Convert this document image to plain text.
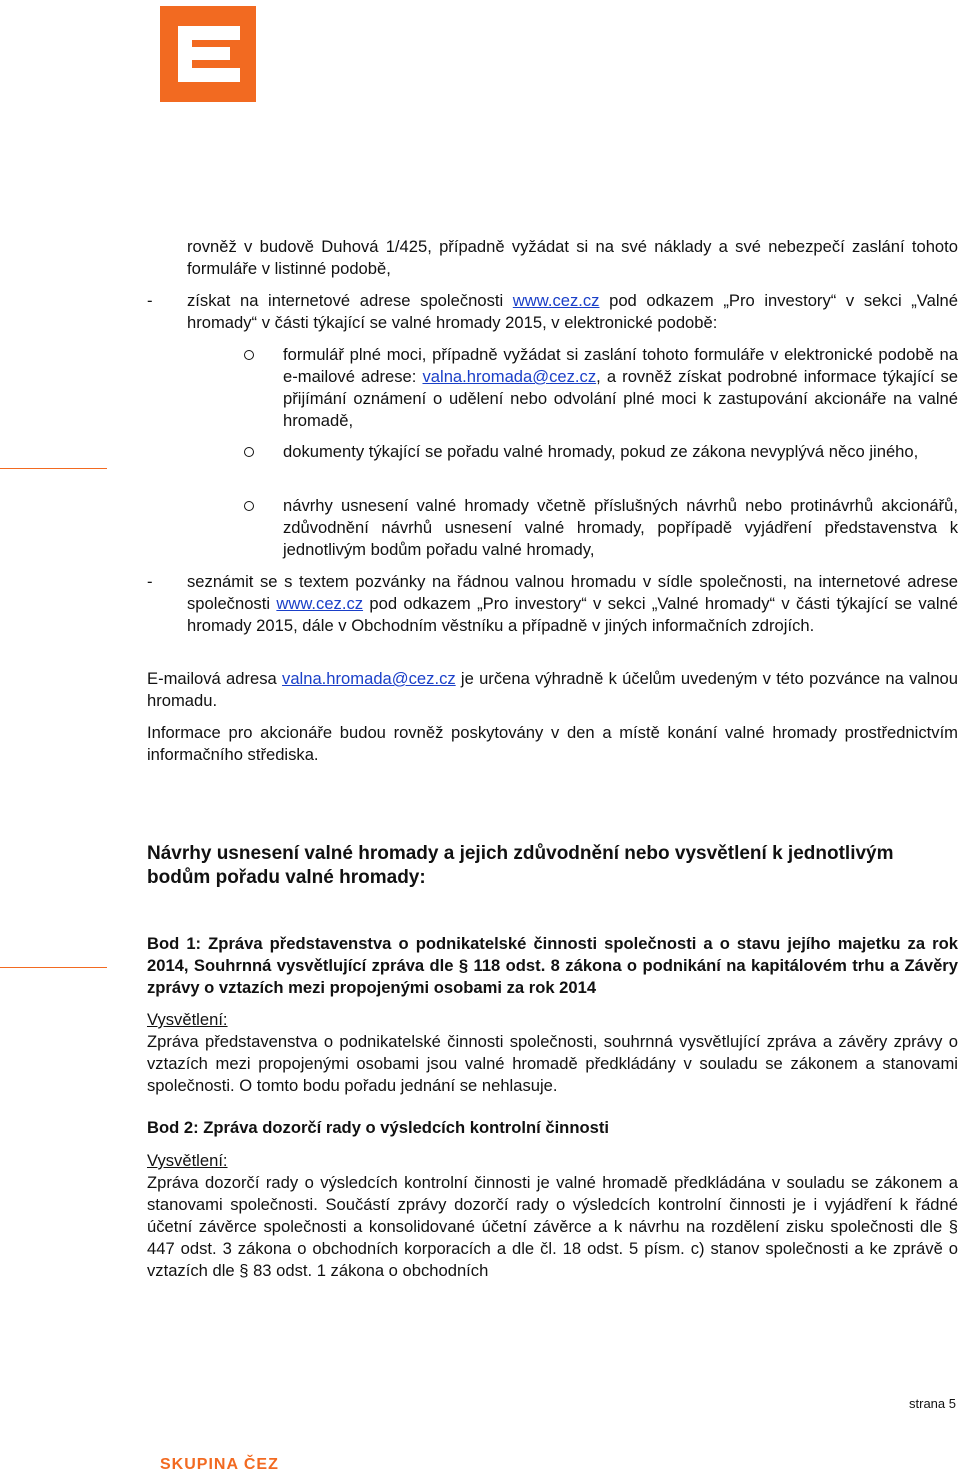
rovněž v budově Duhová 1/425, případně vyžádat si na své náklady a své nebezpečí zaslání tohoto formuláře v listinné podobě,
- získat na internetové adrese společnosti www.cez.cz pod odkazem „Pro investory“ v sekci „Valné hromady“ v části týkající se valné hromady 2015, v elektronické podobě:
formulář plné moci, případně vyžádat si zaslání tohoto formuláře v elektronické podobě na e-mailové adrese: valna.hromada@cez.cz, a rovněž získat podrobné informace týkající se přijímání oznámení o udělení nebo odvolání plné moci k zastupování akcionáře na valné hromadě,
dokumenty týkající se pořadu valné hromady, pokud ze zákona nevyplývá něco jiného,
návrhy usnesení valné hromady včetně příslušných návrhů nebo protinávrhů akcionářů, zdůvodnění návrhů usnesení valné hromady, popřípadě vyjádření představenstva k jednotlivým bodům pořadu valné hromady,
- seznámit se s textem pozvánky na řádnou valnou hromadu v sídle společnosti, na internetové adrese společnosti www.cez.cz pod odkazem „Pro investory“ v sekci „Valné hromady“ v části týkající se valné hromady 2015, dále v Obchodním věstníku a případně v jiných informačních zdrojích.
E-mailová adresa valna.hromada@cez.cz je určena výhradně k účelům uvedeným v této pozvánce na valnou hromadu.
Informace pro akcionáře budou rovněž poskytovány v den a místě konání valné hromady prostřednictvím informačního střediska.
Návrhy usnesení valné hromady a jejich zdůvodnění nebo vysvětlení k jednotlivým bodům pořadu valné hromady:
Bod 1: Zpráva představenstva o podnikatelské činnosti společnosti a o stavu jejího majetku za rok 2014, Souhrnná vysvětlující zpráva dle § 118 odst. 8 zákona o podnikání na kapitálovém trhu a Závěry zprávy o vztazích mezi propojenými osobami za rok 2014
Vysvětlení:
Zpráva představenstva o podnikatelské činnosti společnosti, souhrnná vysvětlující zpráva a závěry zprávy o vztazích mezi propojenými osobami jsou valné hromadě předkládány v souladu se zákonem a stanovami společnosti. O tomto bodu pořadu jednání se nehlasuje.
Bod 2: Zpráva dozorčí rady o výsledcích kontrolní činnosti
Vysvětlení:
Zpráva dozorčí rady o výsledcích kontrolní činnosti je valné hromadě předkládána v souladu se zákonem a stanovami společnosti. Součástí zprávy dozorčí rady o výsledcích kontrolní činnosti je i vyjádření k řádné účetní závěrce společnosti a konsolidované účetní závěrce a k návrhu na rozdělení zisku společnosti dle § 447 odst. 3 zákona o obchodních korporacích a dle čl. 18 odst. 5 písm. c) stanov společnosti a ke zprávě o vztazích dle § 83 odst. 1 zákona o obchodních
strana 5
SKUPINA ČEZ
